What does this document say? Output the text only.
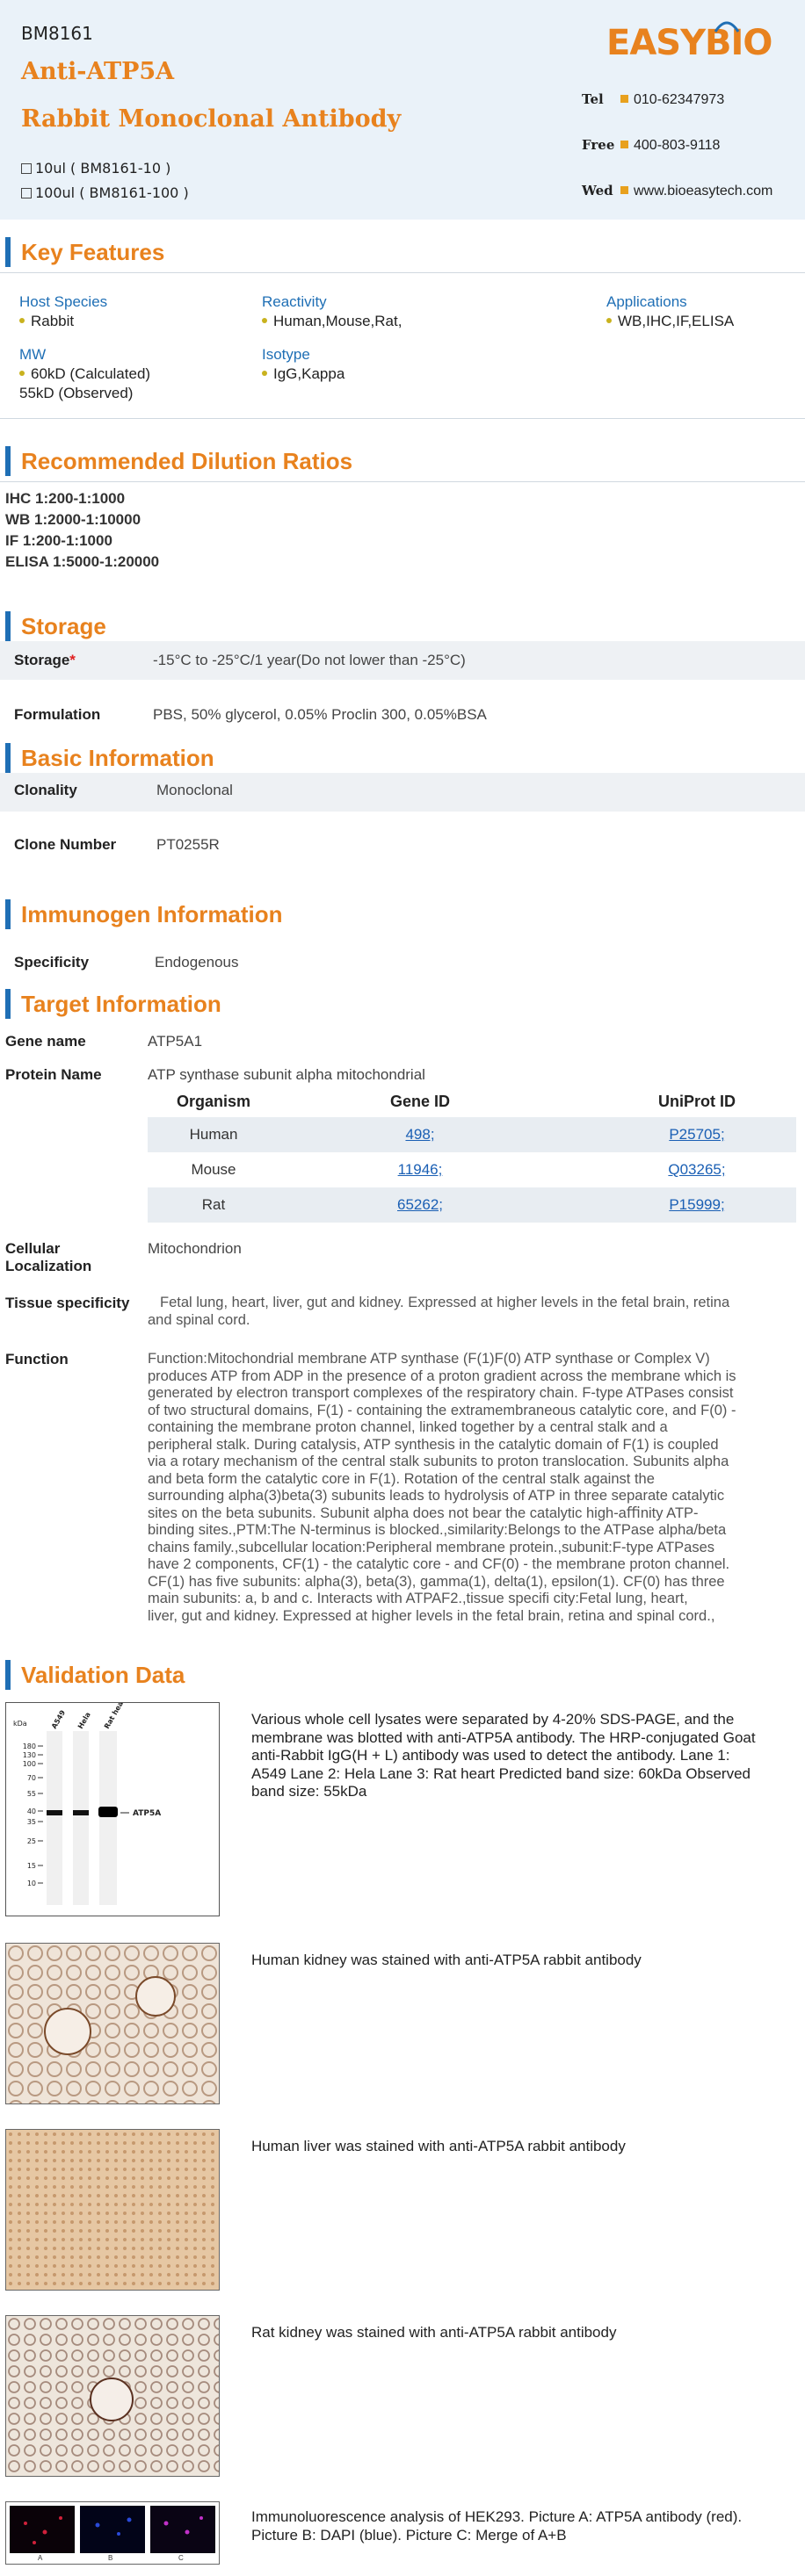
BM8161
Anti-ATP5A
Rabbit Monoclonal Antibody
10ul ( BM8161-10 )
100ul ( BM8161-100 )
EASYBIO
Tel 010-62347973
Free 400-803-9118
Wed www.bioeasytech.com
Key Features
Host Species
Rabbit
Reactivity
Human,Mouse,Rat,
Applications
WB,IHC,IF,ELISA
MW
60kD (Calculated)
55kD (Observed)
Isotype
IgG,Kappa
Recommended Dilution Ratios
IHC 1:200-1:1000
WB 1:2000-1:10000
IF 1:200-1:1000
ELISA 1:5000-1:20000
Storage
Storage*	-15°C to -25°C/1 year(Do not lower than -25°C)
Formulation	PBS, 50% glycerol, 0.05% Proclin 300, 0.05%BSA
Basic Information
Clonality	Monoclonal
Clone Number	PT0255R
Immunogen Information
Specificity	Endogenous
Target Information
Gene name	ATP5A1
Protein Name	ATP synthase subunit alpha mitochondrial
Organism	Gene ID	UniProt ID
Human	498;	P25705;
Mouse	11946;	Q03265;
Rat	65262;	P15999;
Cellular
Localization
Mitochondrion
Tissue specificity Fetal lung, heart, liver, gut and kidney. Expressed at higher levels in the fetal brain, retina
and spinal cord.
Function	Function:Mitochondrial membrane ATP synthase (F(1)F(0) ATP synthase or Complex V)
produces ATP from ADP in the presence of a proton gradient across the membrane which is
generated by electron transport complexes of the respiratory chain. F-type ATPases consist
of two structural domains, F(1) - containing the extramembraneous catalytic core, and F(0) -
containing the membrane proton channel, linked together by a central stalk and a
peripheral stalk. During catalysis, ATP synthesis in the catalytic domain of F(1) is coupled
via a rotary mechanism of the central stalk subunits to proton translocation. Subunits alpha
and beta form the catalytic core in F(1). Rotation of the central stalk against the
surrounding alpha(3)beta(3) subunits leads to hydrolysis of ATP in three separate catalytic
sites on the beta subunits. Subunit alpha does not bear the catalytic high-aﬃnity ATP-
binding sites.,PTM:The N-terminus is blocked.,similarity:Belongs to the ATPase alpha/beta
chains family.,subcellular location:Peripheral membrane protein.,subunit:F-type ATPases
have 2 components, CF(1) - the catalytic core - and CF(0) - the membrane proton channel.
CF(1) has ﬁve subunits: alpha(3), beta(3), gamma(1), delta(1), epsilon(1). CF(0) has three
main subunits: a, b and c. Interacts with ATPAF2.,tissue speciﬁ city:Fetal lung, heart,
liver, gut and kidney. Expressed at higher levels in the fetal brain, retina and spinal cord.,
Validation Data
kDa
180
130
100
70
55
40
35
25
15
10
A549 Hela Rat heart
ATP5A
Various whole cell lysates were separated by 4-20% SDS-PAGE, and the
membrane was blotted with anti-ATP5A antibody. The HRP-conjugated Goat
anti-Rabbit IgG(H + L) antibody was used to detect the antibody. Lane 1:
A549 Lane 2: Hela Lane 3: Rat heart Predicted band size: 60kDa Observed
band size: 55kDa
Human kidney was stained with anti-ATP5A rabbit antibody
Human liver was stained with anti-ATP5A rabbit antibody
Rat kidney was stained with anti-ATP5A rabbit antibody
A	B	C
Immunoluorescence analysis of HEK293. Picture A: ATP5A antibody (red).
Picture B: DAPI (blue). Picture C: Merge of A+B
